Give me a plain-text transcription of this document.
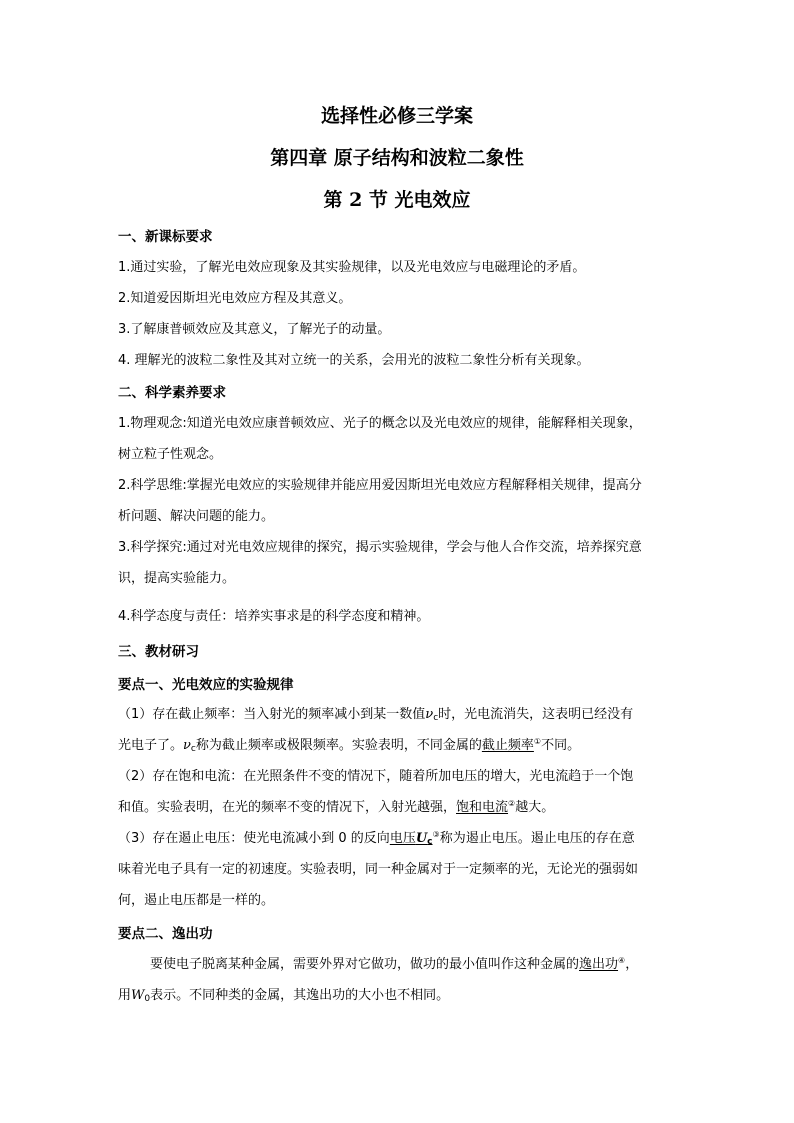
选择性必修三学案
第四章 原子结构和波粒二象性
第 2 节 光电效应
一、新课标要求
1.通过实验，了解光电效应现象及其实验规律，以及光电效应与电磁理论的矛盾。
2.知道爱因斯坦光电效应方程及其意义。
3.了解康普顿效应及其意义，了解光子的动量。
4. 理解光的波粒二象性及其对立统一的关系，会用光的波粒二象性分析有关现象。
二、科学素养要求
1.物理观念:知道光电效应康普顿效应、光子的概念以及光电效应的规律，能解释相关现象，
树立粒子性观念。
2.科学思维:掌握光电效应的实验规律并能应用爱因斯坦光电效应方程解释相关规律，提高分
析问题、解决问题的能力。
3.科学探究:通过对光电效应规律的探究，揭示实验规律，学会与他人合作交流，培养探究意
识，提高实验能力。
4.科学态度与责任：培养实事求是的科学态度和精神。
三、教材研习
要点一、光电效应的实验规律
（1）存在截止频率：当入射光的频率减小到某一数值$\nu_c$时，光电流消失，这表明已经没有
光电子了。$\nu_c$称为截止频率或极限频率。实验表明，不同金属的截止频率①不同。
（2）存在饱和电流：在光照条件不变的情况下，随着所加电压的增大，光电流趋于一个饱
和值。实验表明，在光的频率不变的情况下，入射光越强，饱和电流②越大。
（3）存在遏止电压：使光电流减小到 0 的反向电压$U_c^③$称为遏止电压。遏止电压的存在意
味着光电子具有一定的初速度。实验表明，同一种金属对于一定频率的光，无论光的强弱如
何，遏止电压都是一样的。
要点二、逸出功
要使电子脱离某种金属，需要外界对它做功，做功的最小值叫作这种金属的逸出功④，
用$W_0$表示。不同种类的金属，其逸出功的大小也不相同。
